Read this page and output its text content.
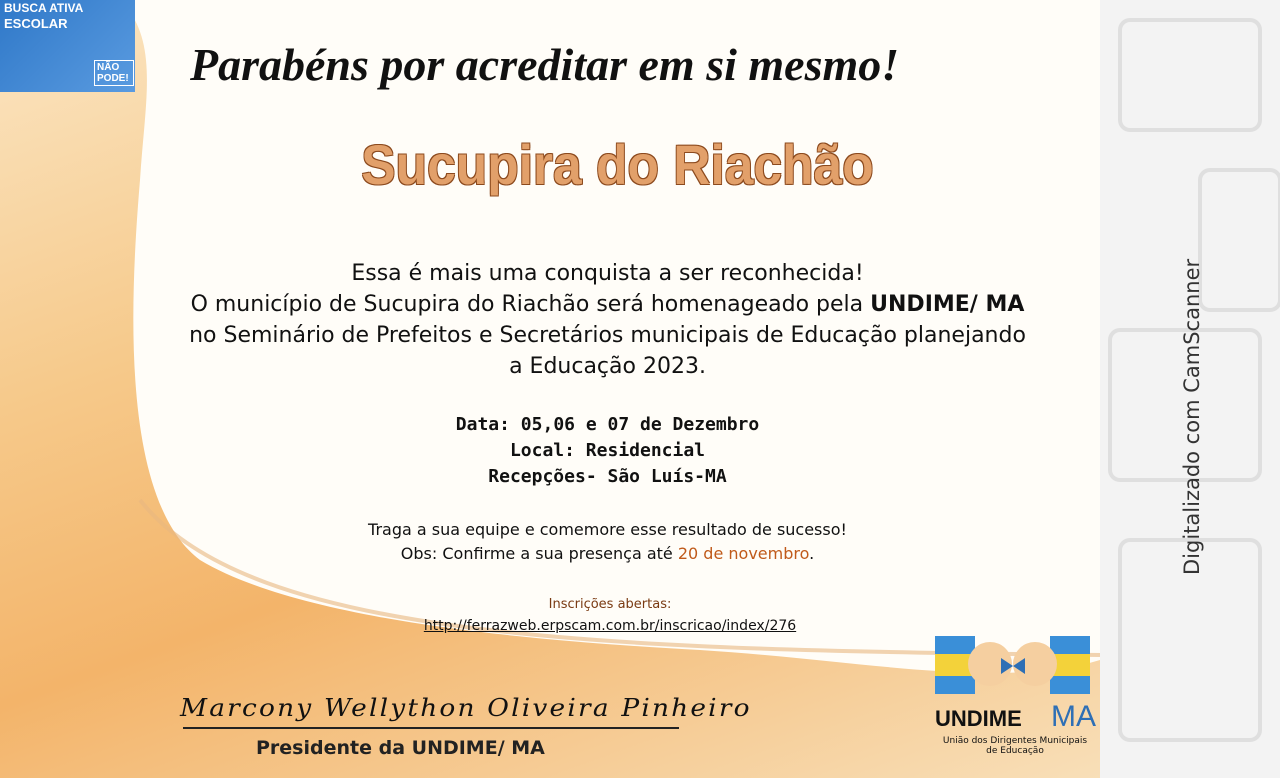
BUSCA ATIVA
ESCOLAR
NÃO PODE! Parabéns por acreditar em si mesmo!
Sucupira do Riachão
Essa é mais uma conquista a ser reconhecida!
O município de Sucupira do Riachão será homenageado pela UNDIME/ MA
no Seminário de Prefeitos e Secretários municipais de Educação planejando
a Educação 2023.
Data: 05,06 e 07 de Dezembro
Local: Residencial
Recepções- São Luís-MA
Traga a sua equipe e comemore esse resultado de sucesso!
Obs: Confirme a sua presença até 20 de novembro.
Inscrições abertas:
http://ferrazweb.erpscam.com.br/inscricao/index/276
Marcony Wellython Oliveira Pinheiro
Presidente da UNDIME/ MA
UNDIME MA
União dos Dirigentes Municipais
de Educação
Digitalizado com CamScanner
